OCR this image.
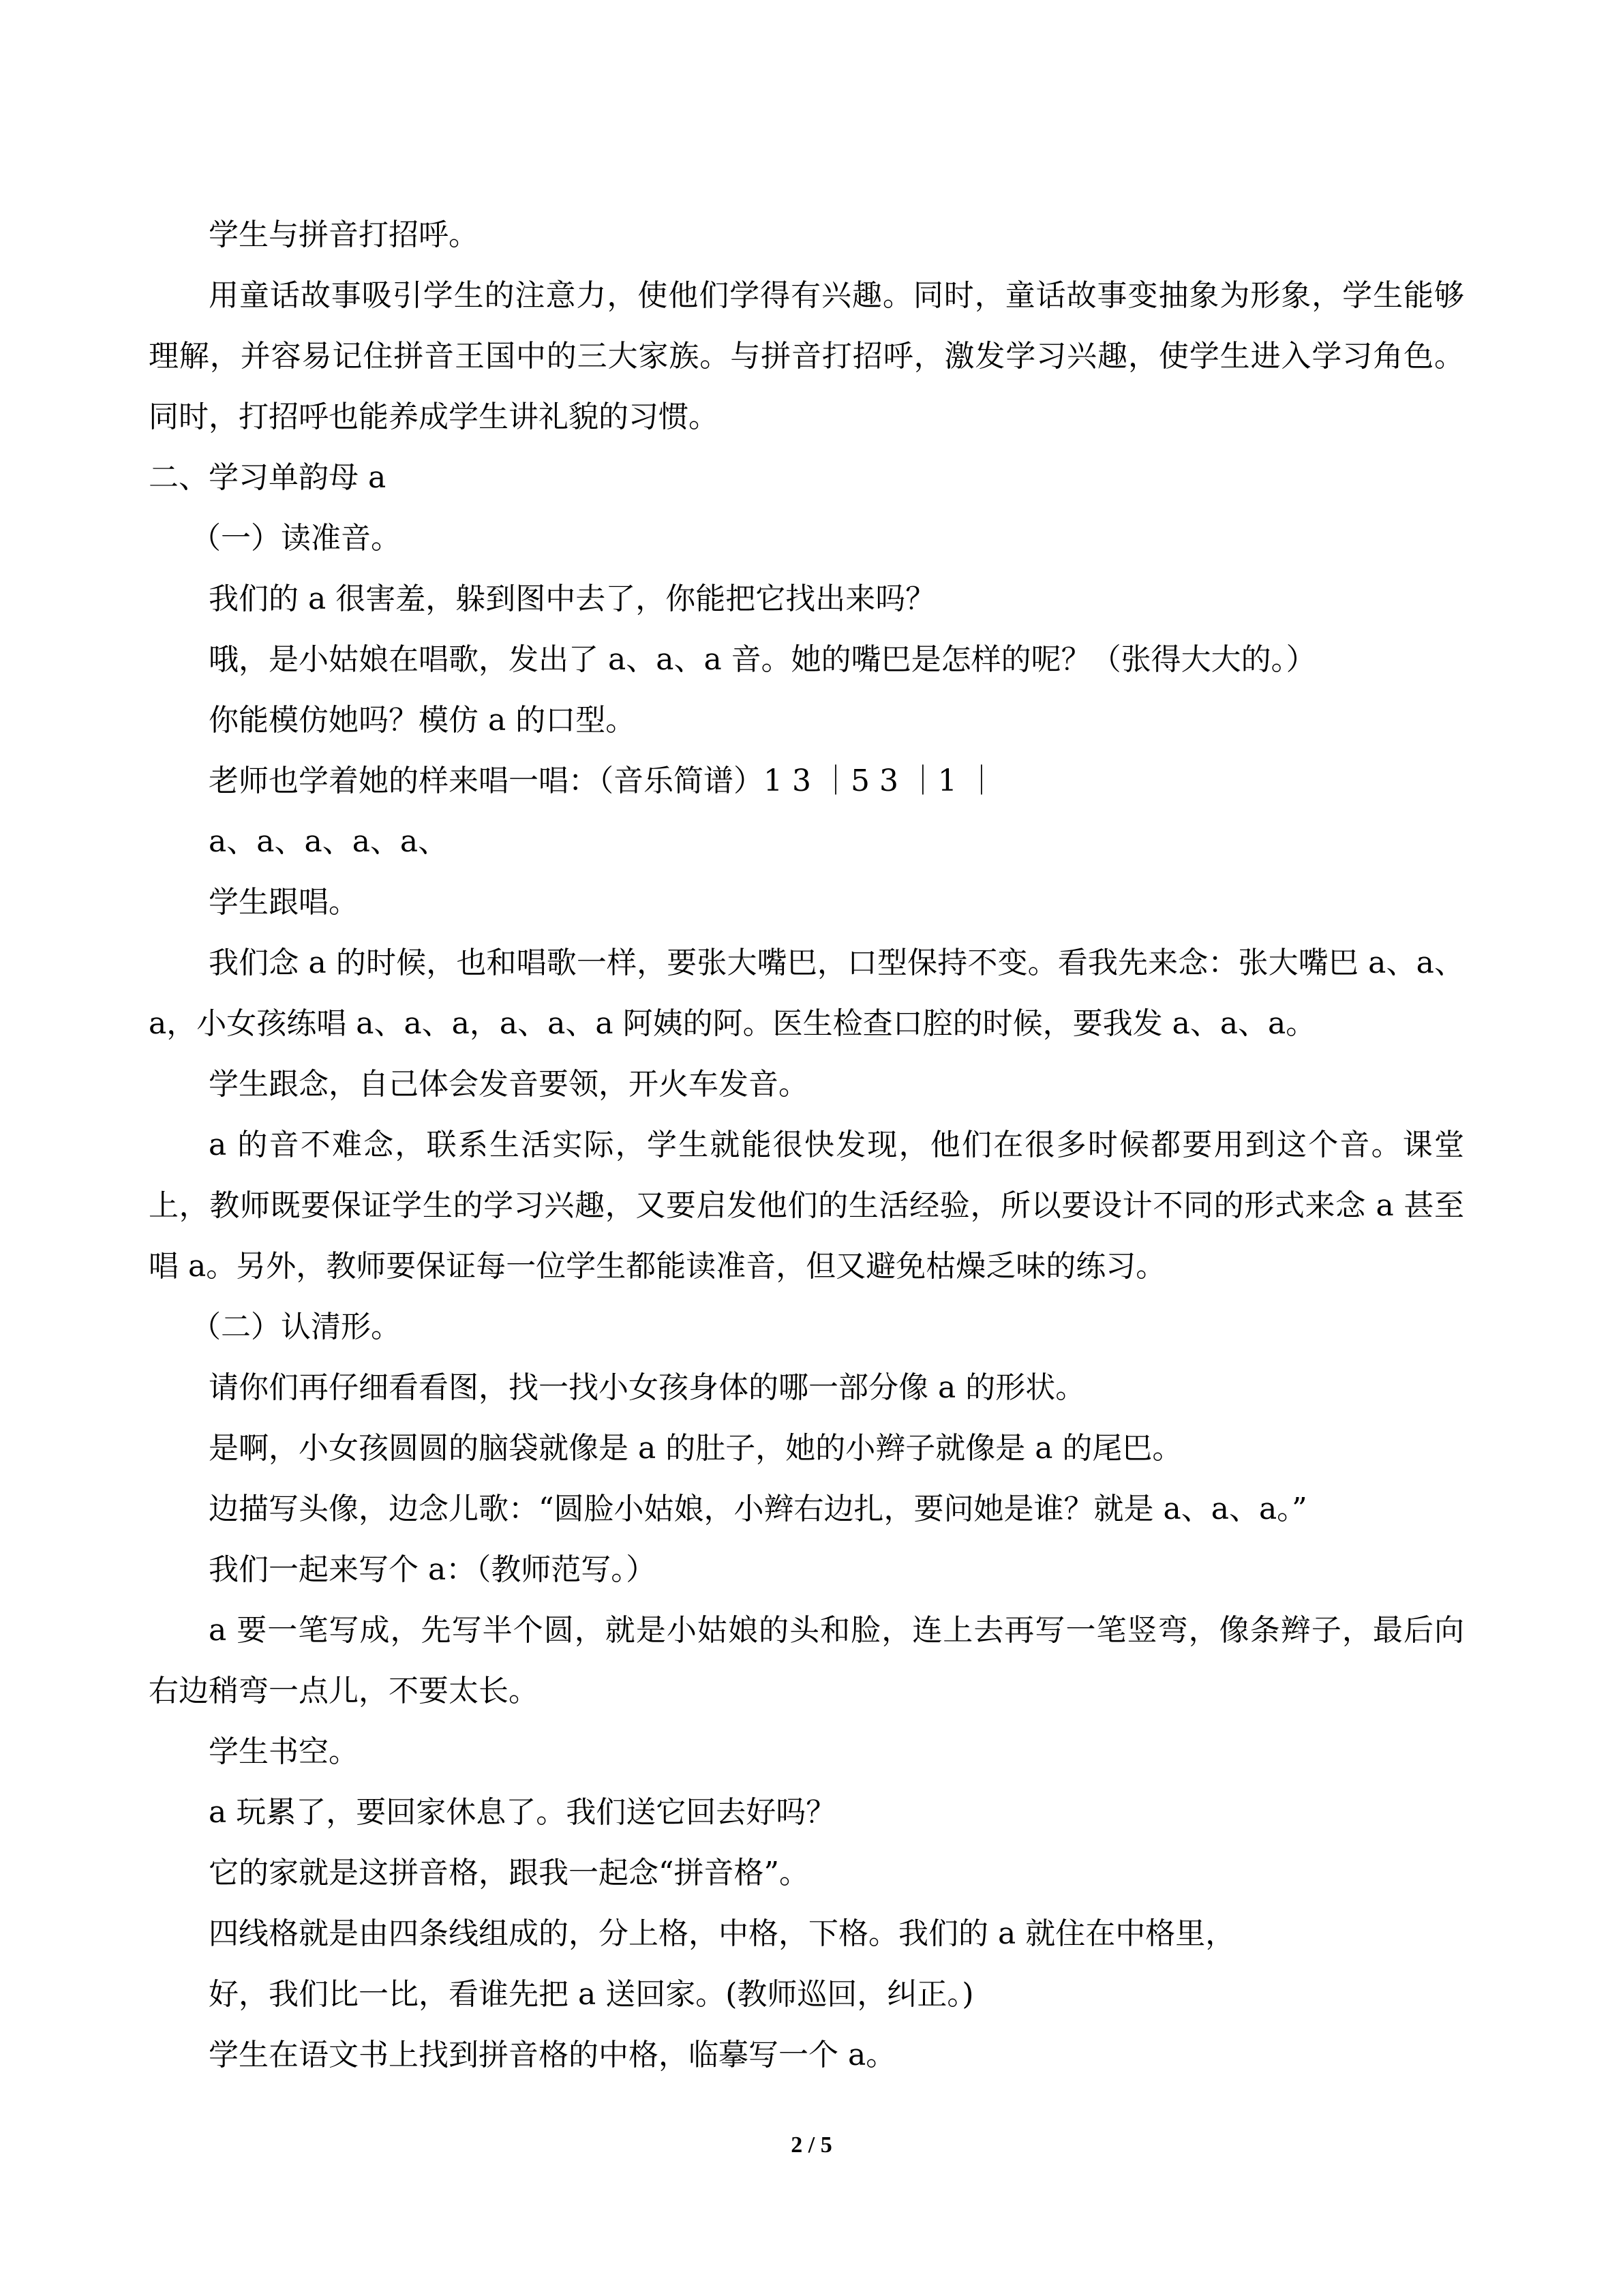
学生与拼音打招呼。

用童话故事吸引学生的注意力，使他们学得有兴趣。同时，童话故事变抽象为形象，学生能够理解，并容易记住拼音王国中的三大家族。与拼音打招呼，激发学习兴趣，使学生进入学习角色。同时，打招呼也能养成学生讲礼貌的习惯。

二、学习单韵母 a

（一）读准音。

我们的 a 很害羞，躲到图中去了，你能把它找出来吗？

哦，是小姑娘在唱歌，发出了 a、a、a 音。她的嘴巴是怎样的呢？（张得大大的。）

你能模仿她吗？模仿 a 的口型。

老师也学着她的样来唱一唱：（音乐简谱）1 3 ｜5 3 ｜1 ｜

a、a、a、a、a、

学生跟唱。

我们念 a 的时候，也和唱歌一样，要张大嘴巴，口型保持不变。看我先来念：张大嘴巴 a、a、a，小女孩练唱 a、a、a，a、a、a 阿姨的阿。医生检查口腔的时候，要我发 a、a、a。

学生跟念，自己体会发音要领，开火车发音。

a 的音不难念，联系生活实际，学生就能很快发现，他们在很多时候都要用到这个音。课堂上，教师既要保证学生的学习兴趣，又要启发他们的生活经验，所以要设计不同的形式来念 a 甚至唱 a。另外，教师要保证每一位学生都能读准音，但又避免枯燥乏味的练习。

（二）认清形。

请你们再仔细看看图，找一找小女孩身体的哪一部分像 a 的形状。

是啊，小女孩圆圆的脑袋就像是 a 的肚子，她的小辫子就像是 a 的尾巴。

边描写头像，边念儿歌：“圆脸小姑娘，小辫右边扎，要问她是谁？就是 a、a、a。”

我们一起来写个 a：（教师范写。）

a 要一笔写成，先写半个圆，就是小姑娘的头和脸，连上去再写一笔竖弯，像条辫子，最后向右边稍弯一点儿，不要太长。

学生书空。

a 玩累了，要回家休息了。我们送它回去好吗？

它的家就是这拼音格，跟我一起念“拼音格”。

四线格就是由四条线组成的，分上格，中格，下格。我们的 a 就住在中格里，

好，我们比一比，看谁先把 a 送回家。(教师巡回，纠正。)

学生在语文书上找到拼音格的中格，临摹写一个 a。

2 / 5
